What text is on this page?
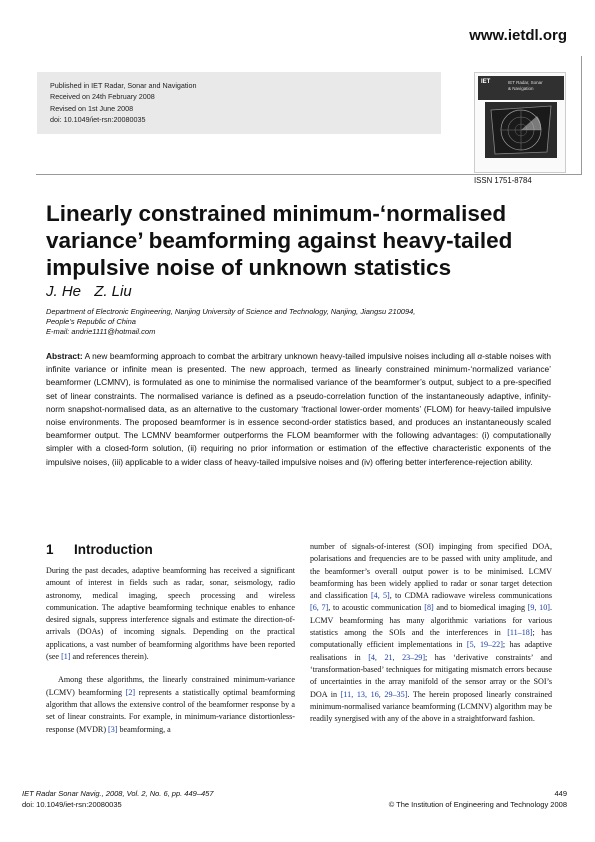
www.ietdl.org
Published in IET Radar, Sonar and Navigation
Received on 24th February 2008
Revised on 1st June 2008
doi: 10.1049/iet-rsn:20080035
IET	IET Radar, Sonar
& Navigation
ISSN 1751-8784
Linearly constrained minimum-‘normalised variance’ beamforming against heavy-tailed impulsive noise of unknown statistics
J. He Z. Liu
Department of Electronic Engineering, Nanjing University of Science and Technology, Nanjing, Jiangsu 210094,
People’s Republic of China
E-mail: andrie1111@hotmail.com
Abstract: A new beamforming approach to combat the arbitrary unknown heavy-tailed impulsive noises including all α-stable noises with infinite variance or infinite mean is presented. The new approach, termed as linearly constrained minimum-‘normalized variance’ beamformer (LCMNV), is formulated as one to minimise the normalised variance of the beamformer’s output, subject to a pre-specified set of linear constraints. The normalised variance is defined as a pseudo-correlation function of the instantaneously adaptive, infinity-norm snapshot-normalised data, as an alternative to the customary ‘fractional lower-order moments’ (FLOM) for heavy-tailed impulsive noise environments. The proposed beamformer is in essence second-order statistics based, and produces an instantaneously scaled beamformer output. The LCMNV beamformer outperforms the FLOM beamformer with the following advantages: (i) computationally simpler with a closed-form solution, (ii) requiring no prior information or estimation of the effective characteristic exponents of the impulsive noises, (iii) applicable to a wider class of heavy-tailed impulsive noises and (iv) offering better interference-rejection ability.
1 Introduction

During the past decades, adaptive beamforming has received a significant amount of interest in fields such as radar, sonar, seismology, radio astronomy, medical imaging, speech processing and wireless communication. The adaptive beamforming technique enables to enhance desired signals, suppress interference signals and estimate the direction-of-arrivals (DOAs) of incoming signals. Depending on the practical applications, a vast number of beamforming algorithms have been reported (see [1] and references therein).

Among these algorithms, the linearly constrained minimum-variance (LCMV) beamforming [2] represents a statistically optimal beamforming algorithm that allows the extensive control of the beamformer response by a set of linear constraints. For example, in minimum-variance distortionless-response (MVDR) [3] beamforming, a

number of signals-of-interest (SOI) impinging from specified DOA, polarisations and frequencies are to be passed with unity amplitude, and the beamformer’s overall output power is to be minimised. LCMV beamforming has been widely applied to radar or sonar target detection and classification [4, 5], to CDMA radiowave wireless communications [6, 7], to acoustic communication [8] and to biomedical imaging [9, 10]. LCMV beamforming has many algorithmic variations for various statistics among the SOIs and the interferences in [11–18]; has computationally efficient implementations in [5, 19–22]; has adaptive realisations in [4, 21, 23–29]; has ‘derivative constraints’ and ‘transformation-based’ techniques for mitigating mismatch errors because of uncertainties in the array manifold of the sensor array or the SOI’s DOA in [11, 13, 16, 29–35]. The herein proposed linearly constrained minimum-normalised variance beamforming (LCMNV) algorithm may be readily synergised with any of the above in a straightforward fashion.

IET Radar Sonar Navig., 2008, Vol. 2, No. 6, pp. 449–457
doi: 10.1049/iet-rsn:20080035
449
© The Institution of Engineering and Technology 2008
